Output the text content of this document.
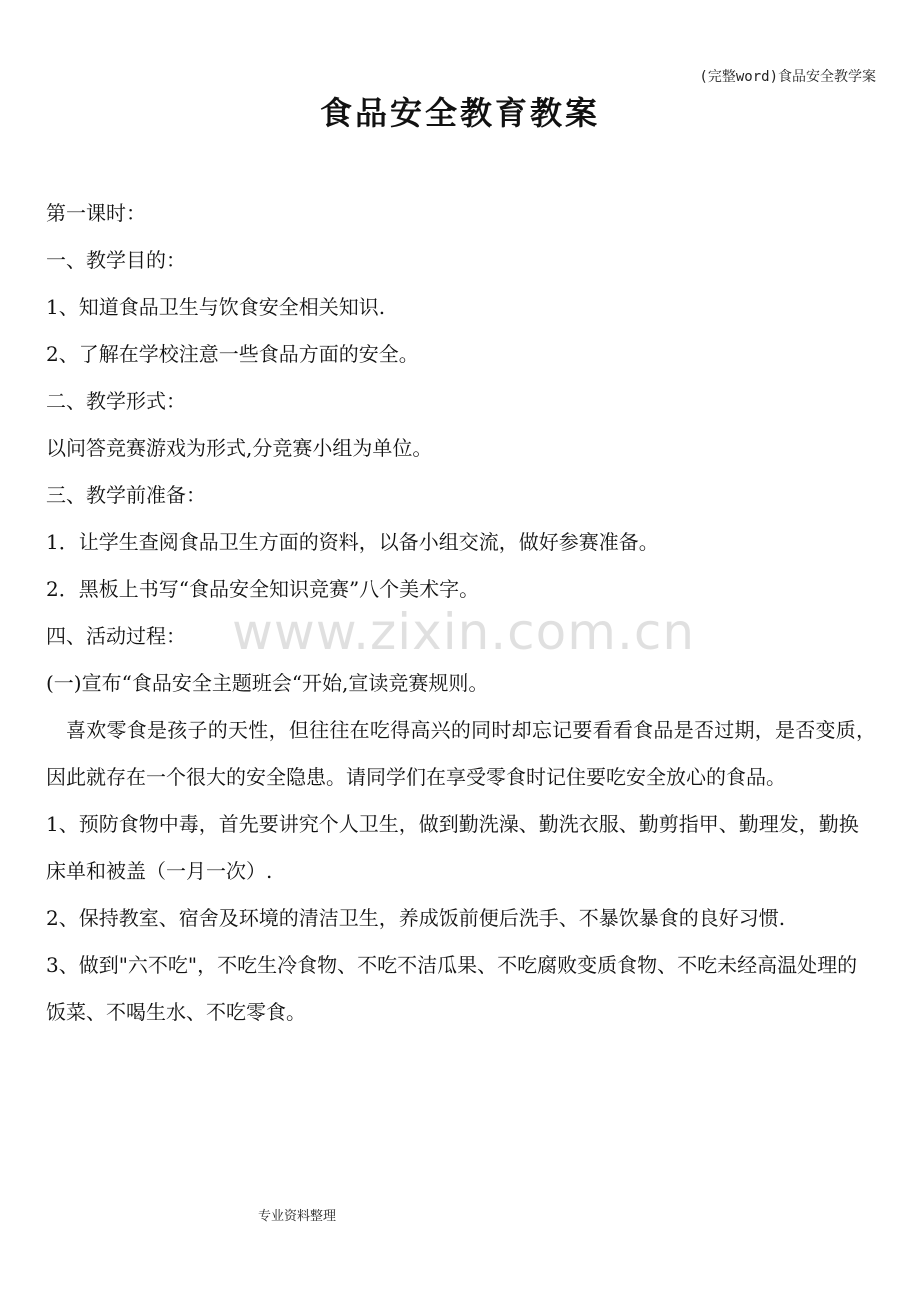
(完整word)食品安全教学案
食品安全教育教案
第一课时：
一、教学目的：
1、知道食品卫生与饮食安全相关知识.
2、了解在学校注意一些食品方面的安全。
二、教学形式：
以问答竞赛游戏为形式,分竞赛小组为单位。
三、教学前准备：
1．让学生查阅食品卫生方面的资料，以备小组交流，做好参赛准备。
2．黑板上书写“食品安全知识竞赛”八个美术字。
四、活动过程：
(一)宣布“食品安全主题班会“开始,宣读竞赛规则。
喜欢零食是孩子的天性，但往往在吃得高兴的同时却忘记要看看食品是否过期，是否变质，因此就存在一个很大的安全隐患。请同学们在享受零食时记住要吃安全放心的食品。
1、预防食物中毒，首先要讲究个人卫生，做到勤洗澡、勤洗衣服、勤剪指甲、勤理发，勤换床单和被盖（一月一次）.
2、保持教室、宿舍及环境的清洁卫生，养成饭前便后洗手、不暴饮暴食的良好习惯.
3、做到"六不吃"，不吃生冷食物、不吃不洁瓜果、不吃腐败变质食物、不吃未经高温处理的饭菜、不喝生水、不吃零食。
www.zixin.com.cn
专业资料整理
